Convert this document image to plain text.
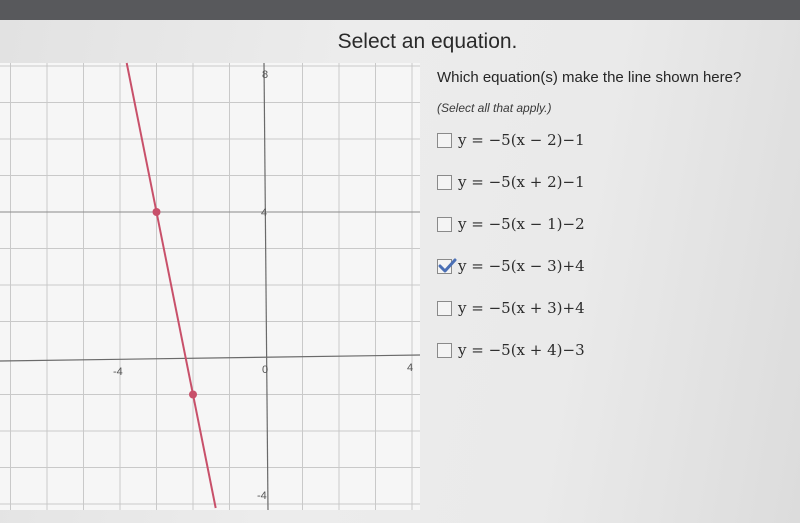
Select an equation.
8
4
-4	0	4
-4
Which equation(s) make the line shown here?
(Select all that apply.)
y = −5(x − 2)−1
y = −5(x + 2)−1
y = −5(x − 1)−2
y = −5(x − 3)+4
y = −5(x + 3)+4
y = −5(x + 4)−3
